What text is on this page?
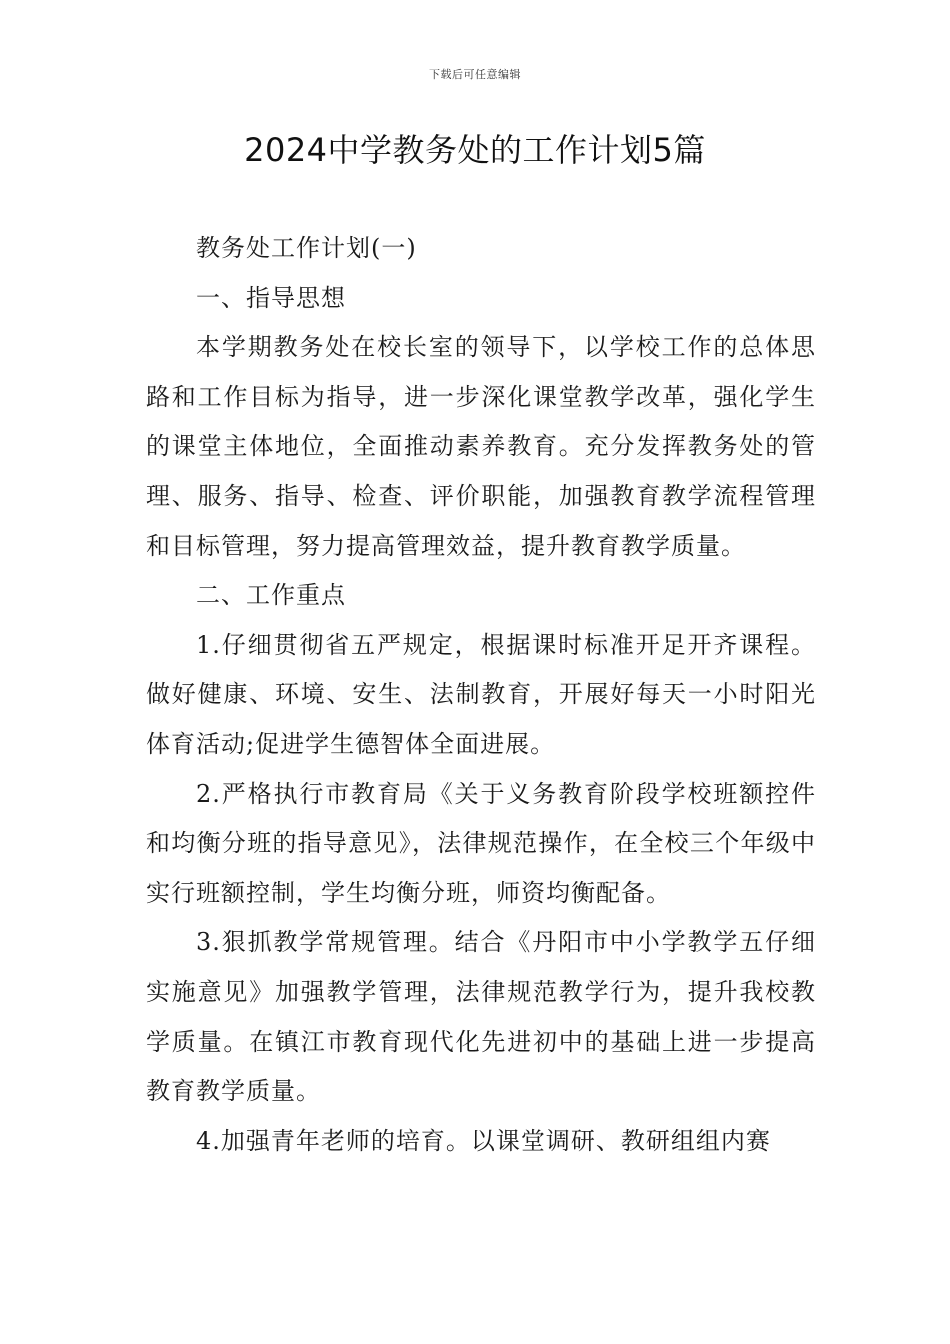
下载后可任意编辑
2024中学教务处的工作计划5篇

教务处工作计划(一)

一、指导思想

本学期教务处在校长室的领导下，以学校工作的总体思路和工作目标为指导，进一步深化课堂教学改革，强化学生的课堂主体地位，全面推动素养教育。充分发挥教务处的管理、服务、指导、检查、评价职能，加强教育教学流程管理和目标管理，努力提高管理效益，提升教育教学质量。

二、工作重点

1.仔细贯彻省五严规定，根据课时标准开足开齐课程。做好健康、环境、安生、法制教育，开展好每天一小时阳光体育活动;促进学生德智体全面进展。

2.严格执行市教育局《关于义务教育阶段学校班额控件和均衡分班的指导意见》，法律规范操作，在全校三个年级中实行班额控制，学生均衡分班，师资均衡配备。

3.狠抓教学常规管理。结合《丹阳市中小学教学五仔细实施意见》加强教学管理，法律规范教学行为，提升我校教学质量。在镇江市教育现代化先进初中的基础上进一步提高教育教学质量。

4.加强青年老师的培育。以课堂调研、教研组组内赛
